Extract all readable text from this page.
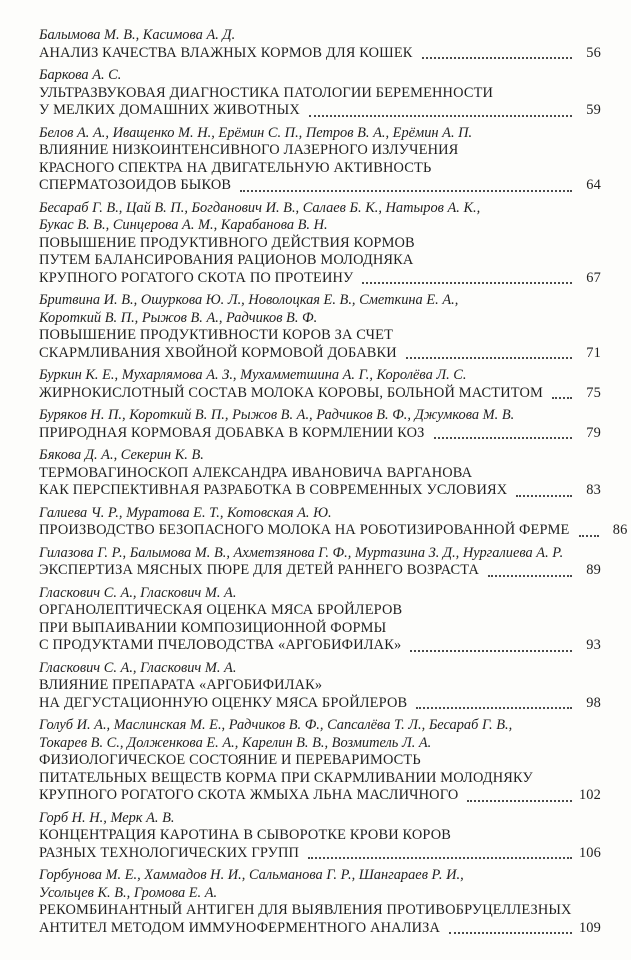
Балымова М. В., Касимова А. Д.
АНАЛИЗ КАЧЕСТВА ВЛАЖНЫХ КОРМОВ ДЛЯ КОШЕК	56
Баркова А. С.
УЛЬТРАЗВУКОВАЯ ДИАГНОСТИКА ПАТОЛОГИИ БЕРЕМЕННОСТИ
У МЕЛКИХ ДОМАШНИХ ЖИВОТНЫХ	59
Белов А. А., Иващенко М. Н., Ерёмин С. П., Петров В. А., Ерёмин А. П.
ВЛИЯНИЕ НИЗКОИНТЕНСИВНОГО ЛАЗЕРНОГО ИЗЛУЧЕНИЯ
КРАСНОГО СПЕКТРА НА ДВИГАТЕЛЬНУЮ АКТИВНОСТЬ
СПЕРМАТОЗОИДОВ БЫКОВ	64
Бесараб Г. В., Цай В. П., Богданович И. В., Салаев Б. К., Натыров А. К.,
Букас В. В., Синцерова А. М., Карабанова В. Н.
ПОВЫШЕНИЕ ПРОДУКТИВНОГО ДЕЙСТВИЯ КОРМОВ
ПУТЕМ БАЛАНСИРОВАНИЯ РАЦИОНОВ МОЛОДНЯКА
КРУПНОГО РОГАТОГО СКОТА ПО ПРОТЕИНУ	67
Бритвина И. В., Ошуркова Ю. Л., Новолоцкая Е. В., Сметкина Е. А.,
Короткий В. П., Рыжов В. А., Радчиков В. Ф.
ПОВЫШЕНИЕ ПРОДУКТИВНОСТИ КОРОВ ЗА СЧЕТ
СКАРМЛИВАНИЯ ХВОЙНОЙ КОРМОВОЙ ДОБАВКИ	71
Буркин К. Е., Мухарлямова А. З., Мухамметшина А. Г., Королёва Л. С.
ЖИРНОКИСЛОТНЫЙ СОСТАВ МОЛОКА КОРОВЫ, БОЛЬНОЙ МАСТИТОМ	75
Буряков Н. П., Короткий В. П., Рыжов В. А., Радчиков В. Ф., Джумкова М. В.
ПРИРОДНАЯ КОРМОВАЯ ДОБАВКА В КОРМЛЕНИИ КОЗ	79
Бякова Д. А., Секерин К. В.
ТЕРМОВАГИНОСКОП АЛЕКСАНДРА ИВАНОВИЧА ВАРГАНОВА
КАК ПЕРСПЕКТИВНАЯ РАЗРАБОТКА В СОВРЕМЕННЫХ УСЛОВИЯХ	83
Галиева Ч. Р., Муратова Е. Т., Котовская А. Ю.
ПРОИЗВОДСТВО БЕЗОПАСНОГО МОЛОКА НА РОБОТИЗИРОВАННОЙ ФЕРМЕ	86
Гилазова Г. Р., Балымова М. В., Ахметзянова Г. Ф., Муртазина З. Д., Нургалиева А. Р.
ЭКСПЕРТИЗА МЯСНЫХ ПЮРЕ ДЛЯ ДЕТЕЙ РАННЕГО ВОЗРАСТА	89
Гласкович С. А., Гласкович М. А.
ОРГАНОЛЕПТИЧЕСКАЯ ОЦЕНКА МЯСА БРОЙЛЕРОВ
ПРИ ВЫПАИВАНИИ КОМПОЗИЦИОННОЙ ФОРМЫ
С ПРОДУКТАМИ ПЧЕЛОВОДСТВА «АРГОБИФИЛАК»	93
Гласкович С. А., Гласкович М. А.
ВЛИЯНИЕ ПРЕПАРАТА «АРГОБИФИЛАК»
НА ДЕГУСТАЦИОННУЮ ОЦЕНКУ МЯСА БРОЙЛЕРОВ	98
Голуб И. А., Маслинская М. Е., Радчиков В. Ф., Сапсалёва Т. Л., Бесараб Г. В.,
Токарев В. С., Долженкова Е. А., Карелин В. В., Возмитель Л. А.
ФИЗИОЛОГИЧЕСКОЕ СОСТОЯНИЕ И ПЕРЕВАРИМОСТЬ
ПИТАТЕЛЬНЫХ ВЕЩЕСТВ КОРМА ПРИ СКАРМЛИВАНИИ МОЛОДНЯКУ
КРУПНОГО РОГАТОГО СКОТА ЖМЫХА ЛЬНА МАСЛИЧНОГО	102
Горб Н. Н., Мерк А. В.
КОНЦЕНТРАЦИЯ КАРОТИНА В СЫВОРОТКЕ КРОВИ КОРОВ
РАЗНЫХ ТЕХНОЛОГИЧЕСКИХ ГРУПП	106
Горбунова М. Е., Хаммадов Н. И., Сальманова Г. Р., Шангараев Р. И.,
Усольцев К. В., Громова Е. А.
РЕКОМБИНАНТНЫЙ АНТИГЕН ДЛЯ ВЫЯВЛЕНИЯ ПРОТИВОБРУЦЕЛЛЕЗНЫХ
АНТИТЕЛ МЕТОДОМ ИММУНОФЕРМЕНТНОГО АНАЛИЗА	109
